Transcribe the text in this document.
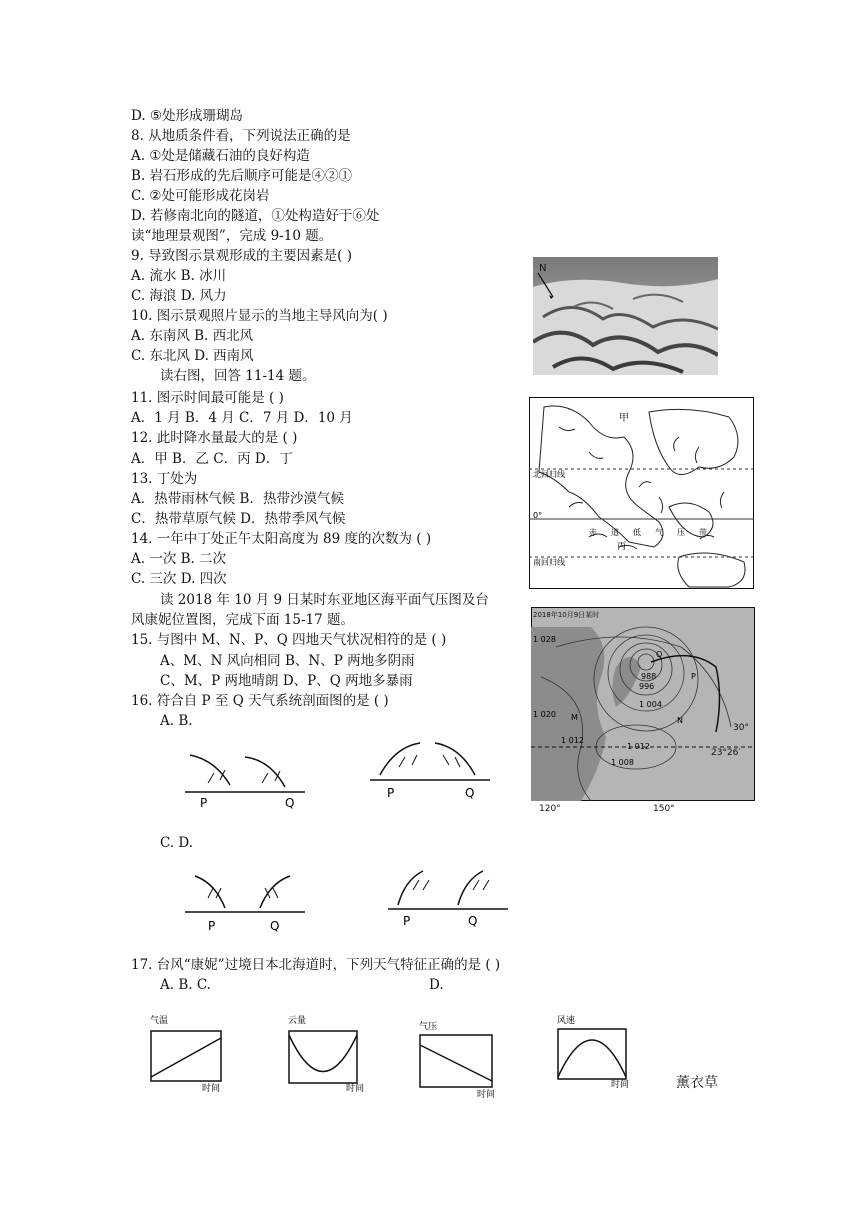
D. ⑤处形成珊瑚岛
8. 从地质条件看，下列说法正确的是
A. ①处是储藏石油的良好构造
B. 岩石形成的先后顺序可能是④②①
C. ②处可能形成花岗岩
D. 若修南北向的隧道，①处构造好于⑥处
读“地理景观图”，完成 9-10 题。
9. 导致图示景观形成的主要因素是( )
A. 流水 B. 冰川
C. 海浪 D. 风力
10. 图示景观照片显示的当地主导风向为( )
A. 东南风 B. 西北风
C. 东北风 D. 西南风
读右图，回答 11-14 题。
11. 图示时间最可能是 ( )
A．1 月 B．4 月 C．7 月 D．10 月
12. 此时降水量最大的是 ( )
A．甲 B．乙 C．丙 D．丁
13. 丁处为
A．热带雨林气候 B．热带沙漠气候
C．热带草原气候 D．热带季风气候
14. 一年中丁处正午太阳高度为 89 度的次数为 ( )
A. 一次 B. 二次
C. 三次 D. 四次
读 2018 年 10 月 9 日某时东亚地区海平面气压图及台
风康妮位置图，完成下面 15-17 题。
15. 与图中 M、N、P、Q 四地天气状况相符的是 ( )
A、M、N 风向相同 B、N、P 两地多阴雨
C、M、P 两地晴朗 D、P、Q 两地多暴雨
16. 符合自 P 至 Q 天气系统剖面图的是 ( )
A. B.
C. D.
17. 台风“康妮”过境日本北海道时，下列天气特征正确的是 ( )
A. B. C.	D.
N
甲
北回归线
0°
赤道低气压带
丙
南回归线
2018年10月9日某时
1 028
1 020
1 012
1 012
1 008
1 004
996
988
M	N
P
Q
30°
23°26′
120°	150°
P	Q
P	Q
P	Q	P	Q
气温
时间
云量
时间
气压
时间
风速
时间	薰衣草
